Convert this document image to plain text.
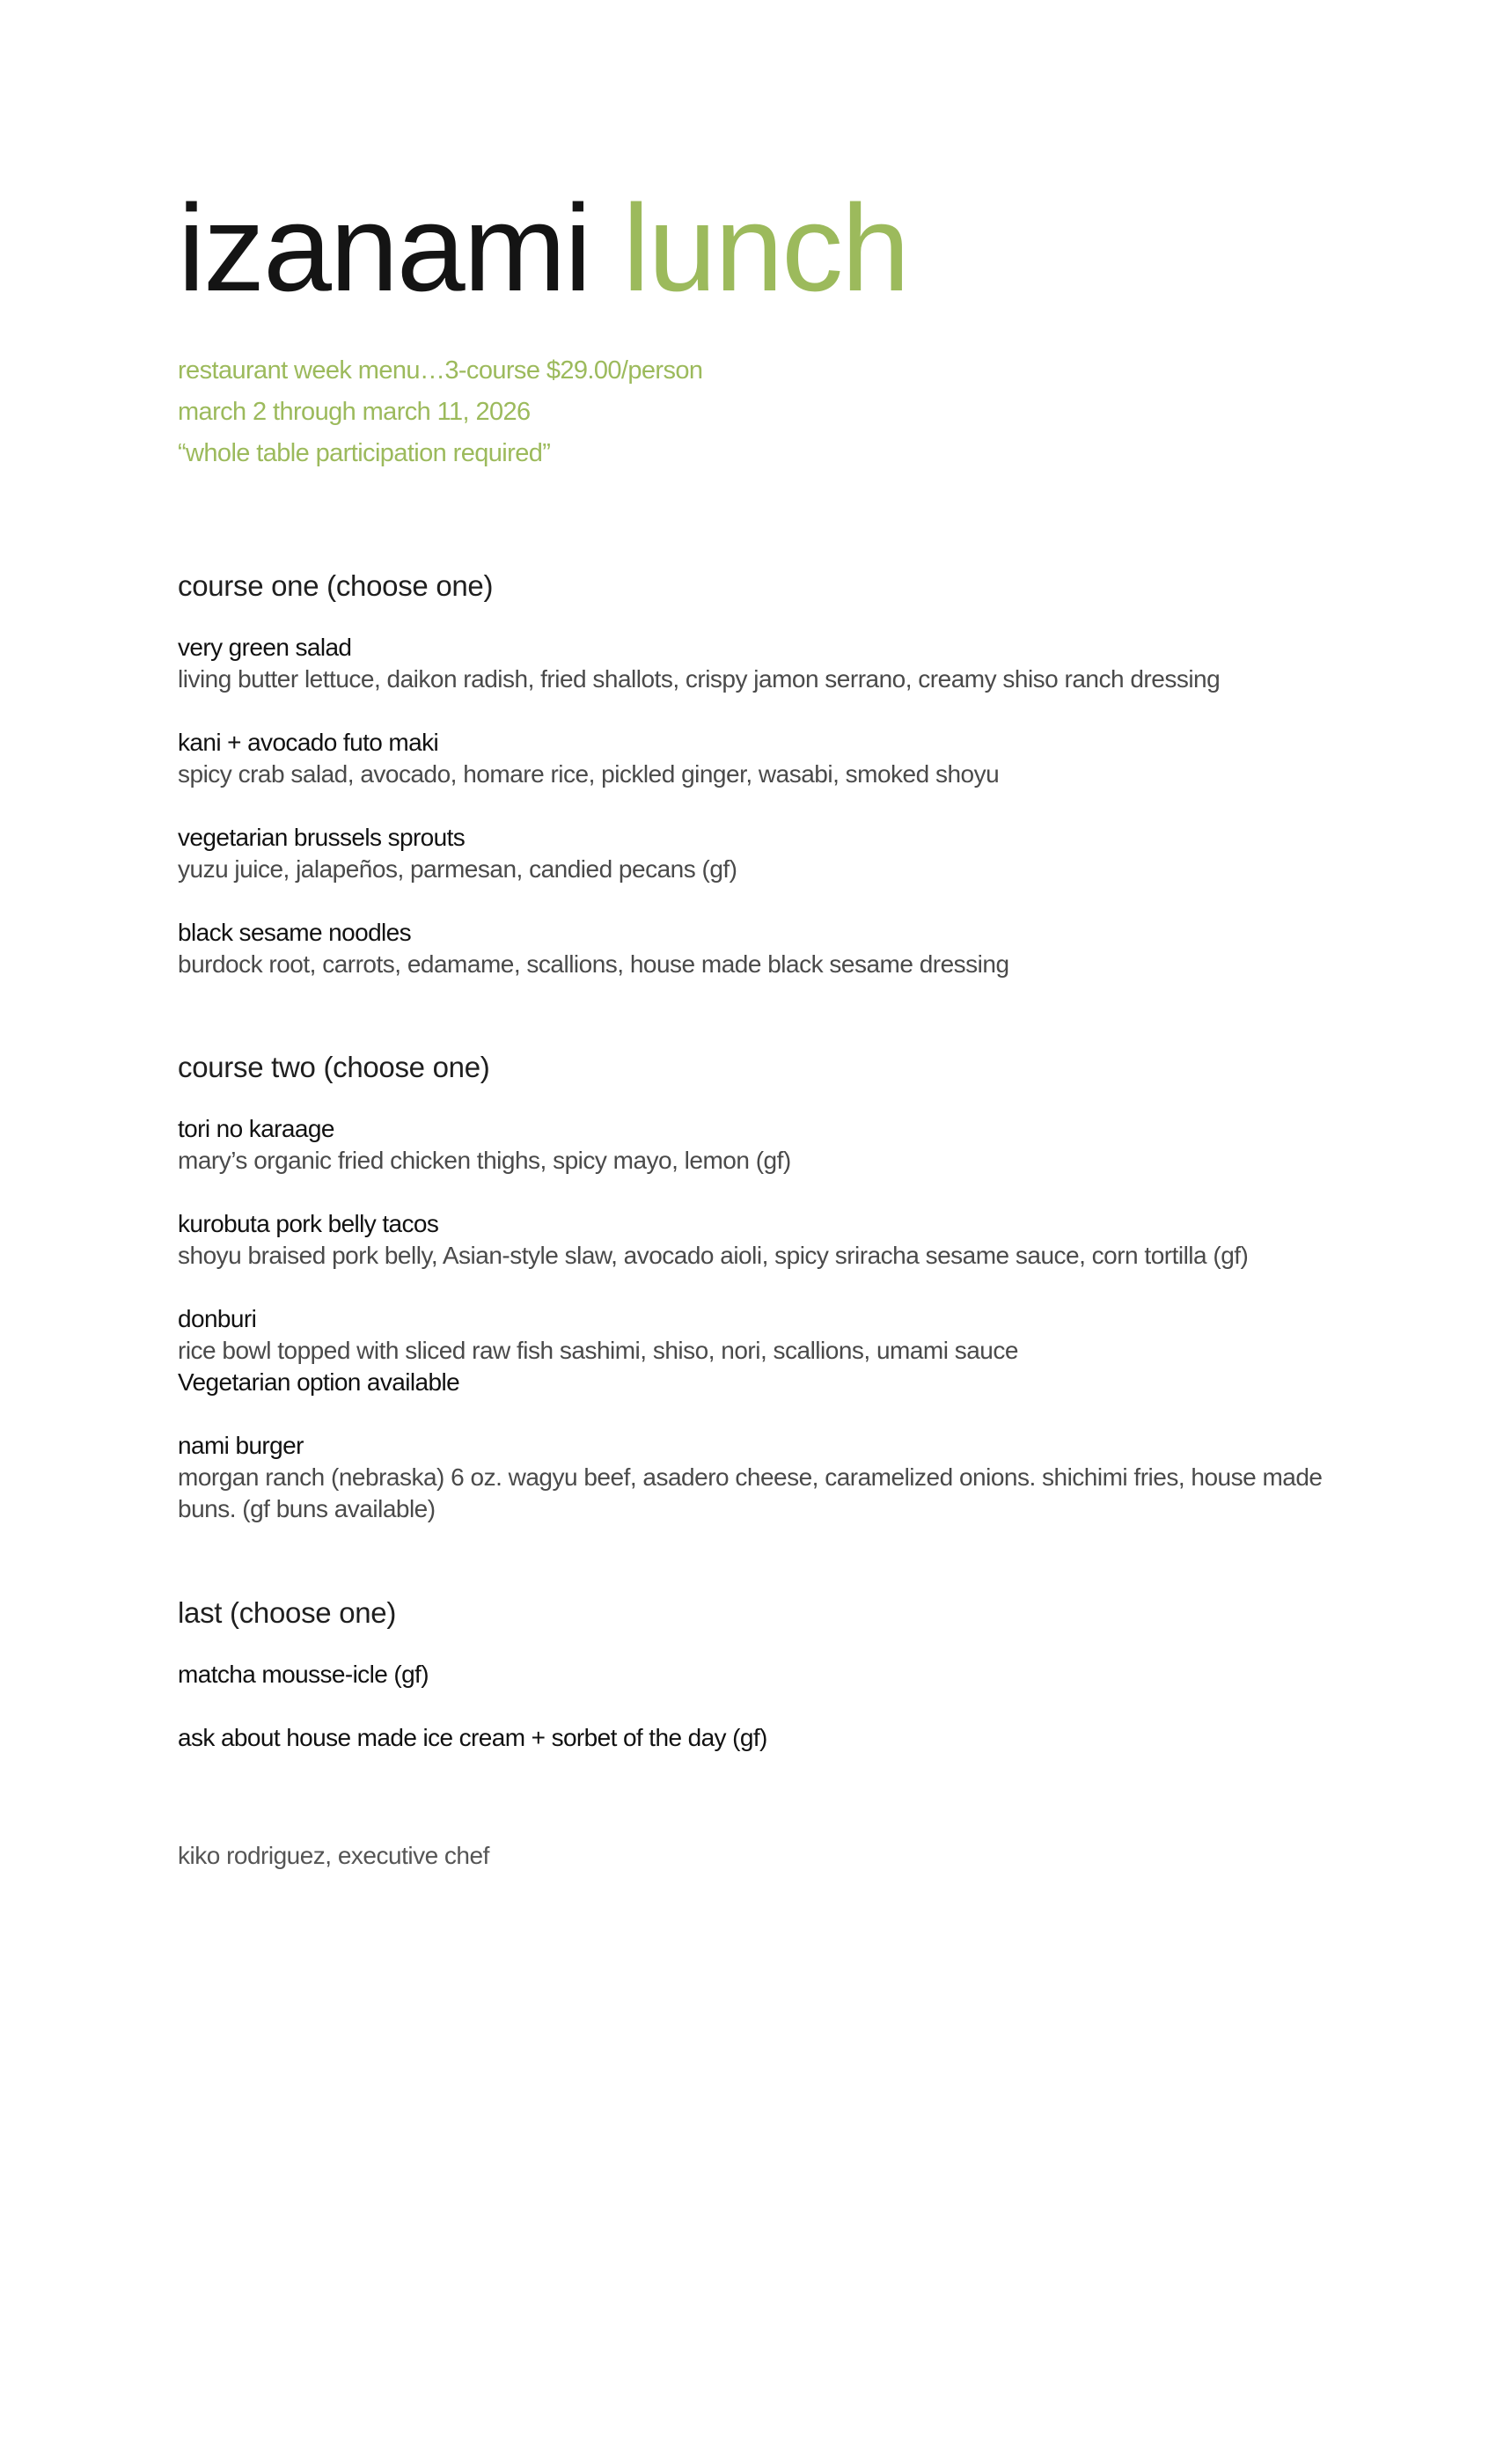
izanami lunch
restaurant week menu…3-course $29.00/person
march 2 through march 11, 2026
“whole table participation required”
course one (choose one)
very green salad
living butter lettuce, daikon radish, fried shallots, crispy jamon serrano, creamy shiso ranch dressing
kani + avocado futo maki
spicy crab salad, avocado, homare rice, pickled ginger, wasabi, smoked shoyu
vegetarian brussels sprouts
yuzu juice, jalapeños, parmesan, candied pecans (gf)
black sesame noodles
burdock root, carrots, edamame, scallions, house made black sesame dressing
course two (choose one)
tori no karaage
mary’s organic fried chicken thighs, spicy mayo, lemon (gf)
kurobuta pork belly tacos
shoyu braised pork belly, Asian-style slaw, avocado aioli, spicy sriracha sesame sauce, corn tortilla (gf)
donburi
rice bowl topped with sliced raw fish sashimi, shiso, nori, scallions, umami sauce
Vegetarian option available
nami burger
morgan ranch (nebraska) 6 oz. wagyu beef, asadero cheese, caramelized onions. shichimi fries, house made buns. (gf buns available)
last (choose one)
matcha mousse-icle (gf)
ask about house made ice cream + sorbet of the day (gf)
kiko rodriguez, executive chef
